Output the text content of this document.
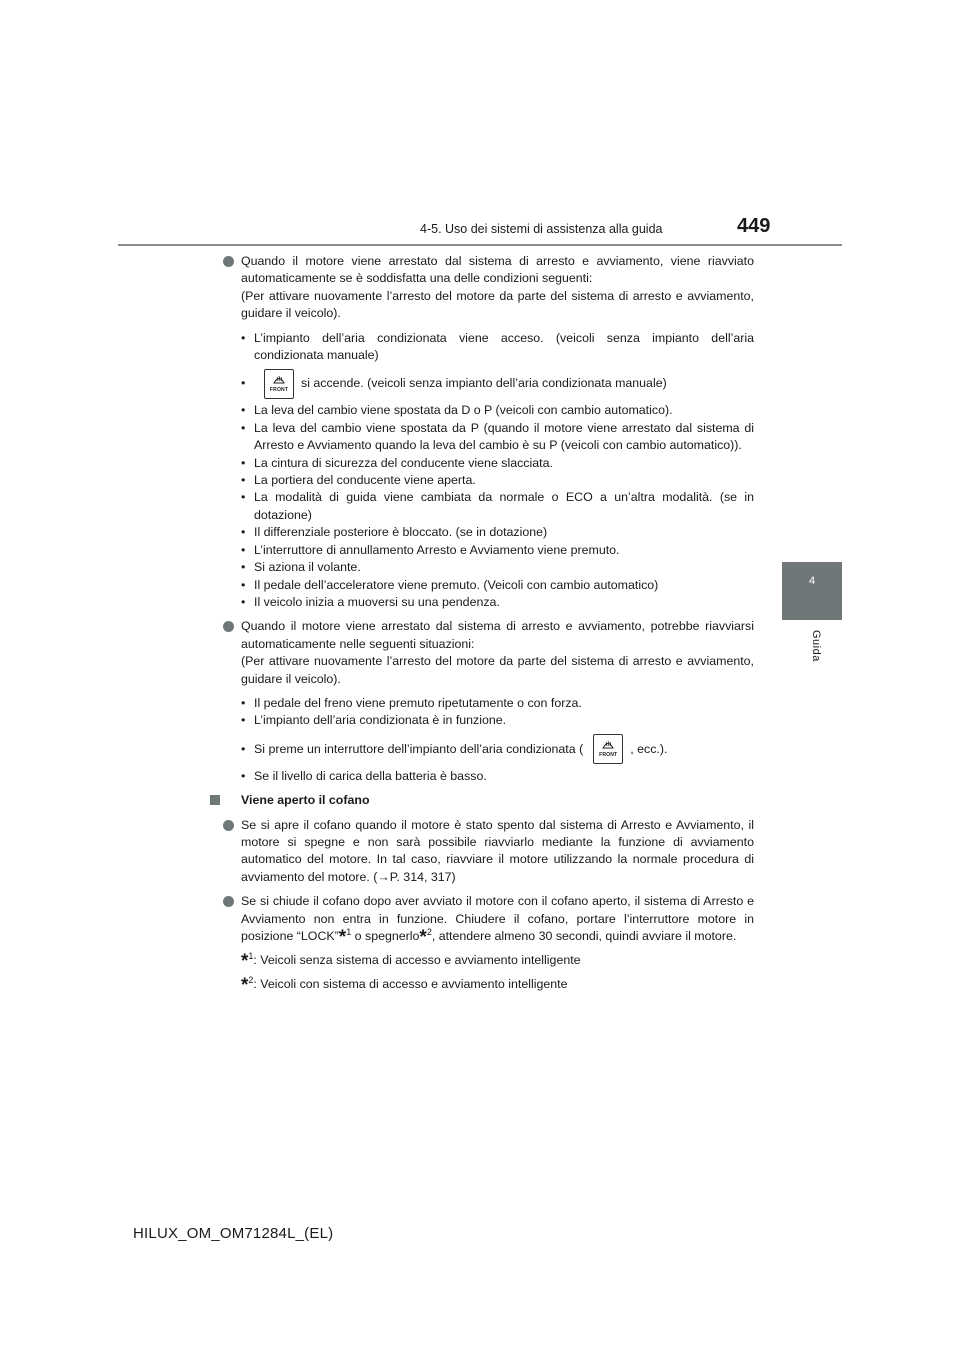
449
4-5. Uso dei sistemi di assistenza alla guida
4
Guida
Quando il motore viene arrestato dal sistema di arresto e avviamento, viene riavviato automaticamente se è soddisfatta una delle condizioni seguenti:
(Per attivare nuovamente l’arresto del motore da parte del sistema di arresto e avviamento, guidare il veicolo).
• L’impianto dell’aria condizionata viene acceso. (veicoli senza impianto dell’aria condizionata manuale)
•	FRONT	si accende. (veicoli senza impianto dell’aria condizionata manuale)
• La leva del cambio viene spostata da D o P (veicoli con cambio automatico).
• La leva del cambio viene spostata da P (quando il motore viene arrestato dal sistema di Arresto e Avviamento quando la leva del cambio è su P (veicoli con cambio automatico)).
• La cintura di sicurezza del conducente viene slacciata.
• La portiera del conducente viene aperta.
• La modalità di guida viene cambiata da normale o ECO a un’altra modalità. (se in dotazione)
• Il differenziale posteriore è bloccato. (se in dotazione)
• L’interruttore di annullamento Arresto e Avviamento viene premuto.
• Si aziona il volante.
• Il pedale dell’acceleratore viene premuto. (Veicoli con cambio automatico)
• Il veicolo inizia a muoversi su una pendenza.
Quando il motore viene arrestato dal sistema di arresto e avviamento, potrebbe riavviarsi automaticamente nelle seguenti situazioni:
(Per attivare nuovamente l’arresto del motore da parte del sistema di arresto e avviamento, guidare il veicolo).
• Il pedale del freno viene premuto ripetutamente o con forza.
• L’impianto dell’aria condizionata è in funzione.
• Si preme un interruttore dell’impianto dell’aria condizionata (	FRONT	, ecc.).
• Se il livello di carica della batteria è basso.
Viene aperto il cofano
Se si apre il cofano quando il motore è stato spento dal sistema di Arresto e Avviamento, il motore si spegne e non sarà possibile riavviarlo mediante la funzione di avviamento automatico del motore. In tal caso, riavviare il motore utilizzando la normale procedura di avviamento del motore. (→P. 314, 317)
Se si chiude il cofano dopo aver avviato il motore con il cofano aperto, il sistema di Arresto e Avviamento non entra in funzione. Chiudere il cofano, portare l’interruttore motore in posizione “LOCK”*$^1$ o spegnerlo*$^2$, attendere almeno 30 secondi, quindi avviare il motore.
*$^1$: Veicoli senza sistema di accesso e avviamento intelligente
*$^2$: Veicoli con sistema di accesso e avviamento intelligente
HILUX_OM_OM71284L_(EL)
